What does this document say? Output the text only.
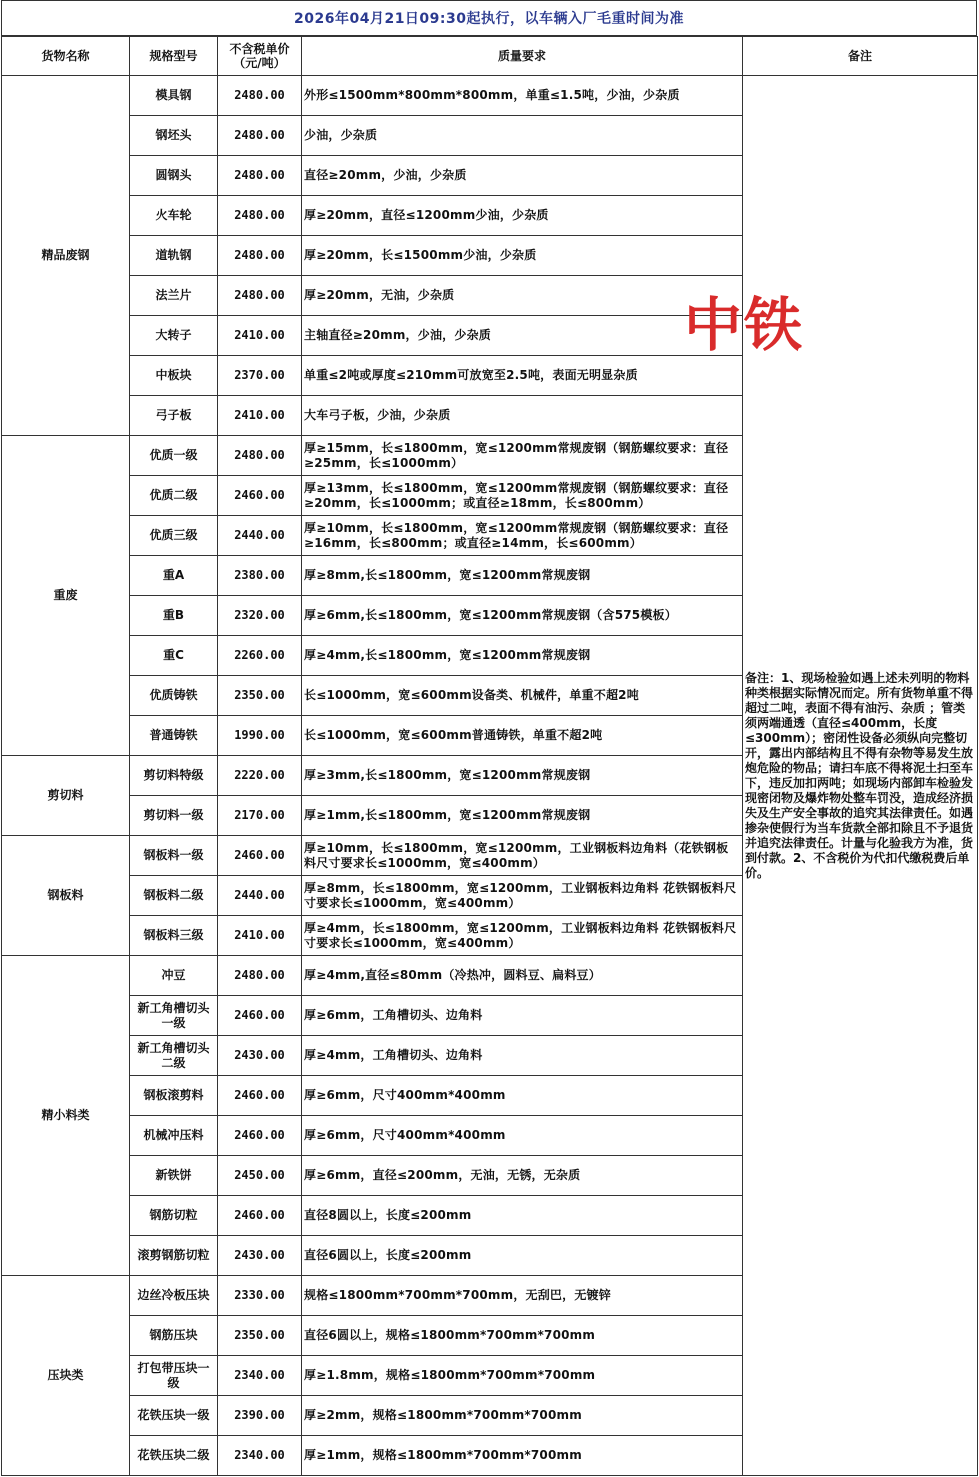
2026年04月21日09:30起执行，以车辆入厂毛重时间为准
货物名称	规格型号	不含税单价（元/吨）	质量要求	备注
精品废钢	模具钢	2480.00	外形≤1500mm*800mm*800mm，单重≤1.5吨，少油，少杂质	备注：1、现场检验如遇上述未列明的物料种类根据实际情况而定。所有货物单重不得超过二吨，表面不得有油污、杂质 ；管类须两端通透（直径≤400mm，长度≤300mm）；密闭性设备必须纵向完整切开，露出内部结构且不得有杂物等易发生放炮危险的物品；请扫车底不得将泥土扫至车下，违反加扣两吨；如现场内部卸车检验发现密闭物及爆炸物处整车罚没，造成经济损失及生产安全事故的追究其法律责任。如遇掺杂使假行为当车货款全部扣除且不予退货并追究法律责任。计量与化验我方为准，货到付款。2、不含税价为代扣代缴税费后单价。
	钢坯头	2480.00	少油，少杂质	
	圆钢头	2480.00	直径≥20mm，少油，少杂质	
	火车轮	2480.00	厚≥20mm，直径≤1200mm少油，少杂质	
	道轨钢	2480.00	厚≥20mm，长≤1500mm少油，少杂质	
	法兰片	2480.00	厚≥20mm，无油，少杂质	
	大转子	2410.00	主轴直径≥20mm，少油，少杂质	
	中板块	2370.00	单重≤2吨或厚度≤210mm可放宽至2.5吨，表面无明显杂质	
	弓子板	2410.00	大车弓子板，少油，少杂质	
重废	优质一级	2480.00	厚≥15mm，长≤1800mm，宽≤1200mm常规废钢（钢筋螺纹要求：直径≥25mm，长≤1000mm）	
	优质二级	2460.00	厚≥13mm，长≤1800mm，宽≤1200mm常规废钢（钢筋螺纹要求：直径≥20mm，长≤1000mm；或直径≥18mm，长≤800mm）	
	优质三级	2440.00	厚≥10mm，长≤1800mm，宽≤1200mm常规废钢（钢筋螺纹要求：直径≥16mm，长≤800mm；或直径≥14mm，长≤600mm）	
	重A	2380.00	厚≥8mm,长≤1800mm，宽≤1200mm常规废钢	
	重B	2320.00	厚≥6mm,长≤1800mm，宽≤1200mm常规废钢（含575模板）	
	重C	2260.00	厚≥4mm,长≤1800mm，宽≤1200mm常规废钢	
	优质铸铁	2350.00	长≤1000mm，宽≤600mm设备类、机械件，单重不超2吨	
	普通铸铁	1990.00	长≤1000mm，宽≤600mm普通铸铁，单重不超2吨	
剪切料	剪切料特级	2220.00	厚≥3mm,长≤1800mm，宽≤1200mm常规废钢	
	剪切料一级	2170.00	厚≥1mm,长≤1800mm，宽≤1200mm常规废钢	
钢板料	钢板料一级	2460.00	厚≥10mm，长≤1800mm，宽≤1200mm，工业钢板料边角料（花铁钢板料尺寸要求长≤1000mm，宽≤400mm）	
	钢板料二级	2440.00	厚≥8mm，长≤1800mm，宽≤1200mm，工业钢板料边角料 花铁钢板料尺寸要求长≤1000mm，宽≤400mm）	
	钢板料三级	2410.00	厚≥4mm，长≤1800mm，宽≤1200mm，工业钢板料边角料 花铁钢板料尺寸要求长≤1000mm，宽≤400mm）	
精小料类	冲豆	2480.00	厚≥4mm,直径≤80mm（冷热冲，圆料豆、扁料豆）	
	新工角槽切头一级	2460.00	厚≥6mm，工角槽切头、边角料	
	新工角槽切头二级	2430.00	厚≥4mm，工角槽切头、边角料	
	钢板滚剪料	2460.00	厚≥6mm，尺寸400mm*400mm	
	机械冲压料	2460.00	厚≥6mm，尺寸400mm*400mm	
	新铁饼	2450.00	厚≥6mm，直径≤200mm，无油，无锈，无杂质	
	钢筋切粒	2460.00	直径8圆以上，长度≤200mm	
	滚剪钢筋切粒	2430.00	直径6圆以上，长度≤200mm	
压块类	边丝冷板压块	2330.00	规格≤1800mm*700mm*700mm，无刮巴，无镀锌	
	钢筋压块	2350.00	直径6圆以上，规格≤1800mm*700mm*700mm	
	打包带压块一级	2340.00	厚≥1.8mm，规格≤1800mm*700mm*700mm	
	花铁压块一级	2390.00	厚≥2mm，规格≤1800mm*700mm*700mm	
	花铁压块二级	2340.00	厚≥1mm，规格≤1800mm*700mm*700mm	
中铁
